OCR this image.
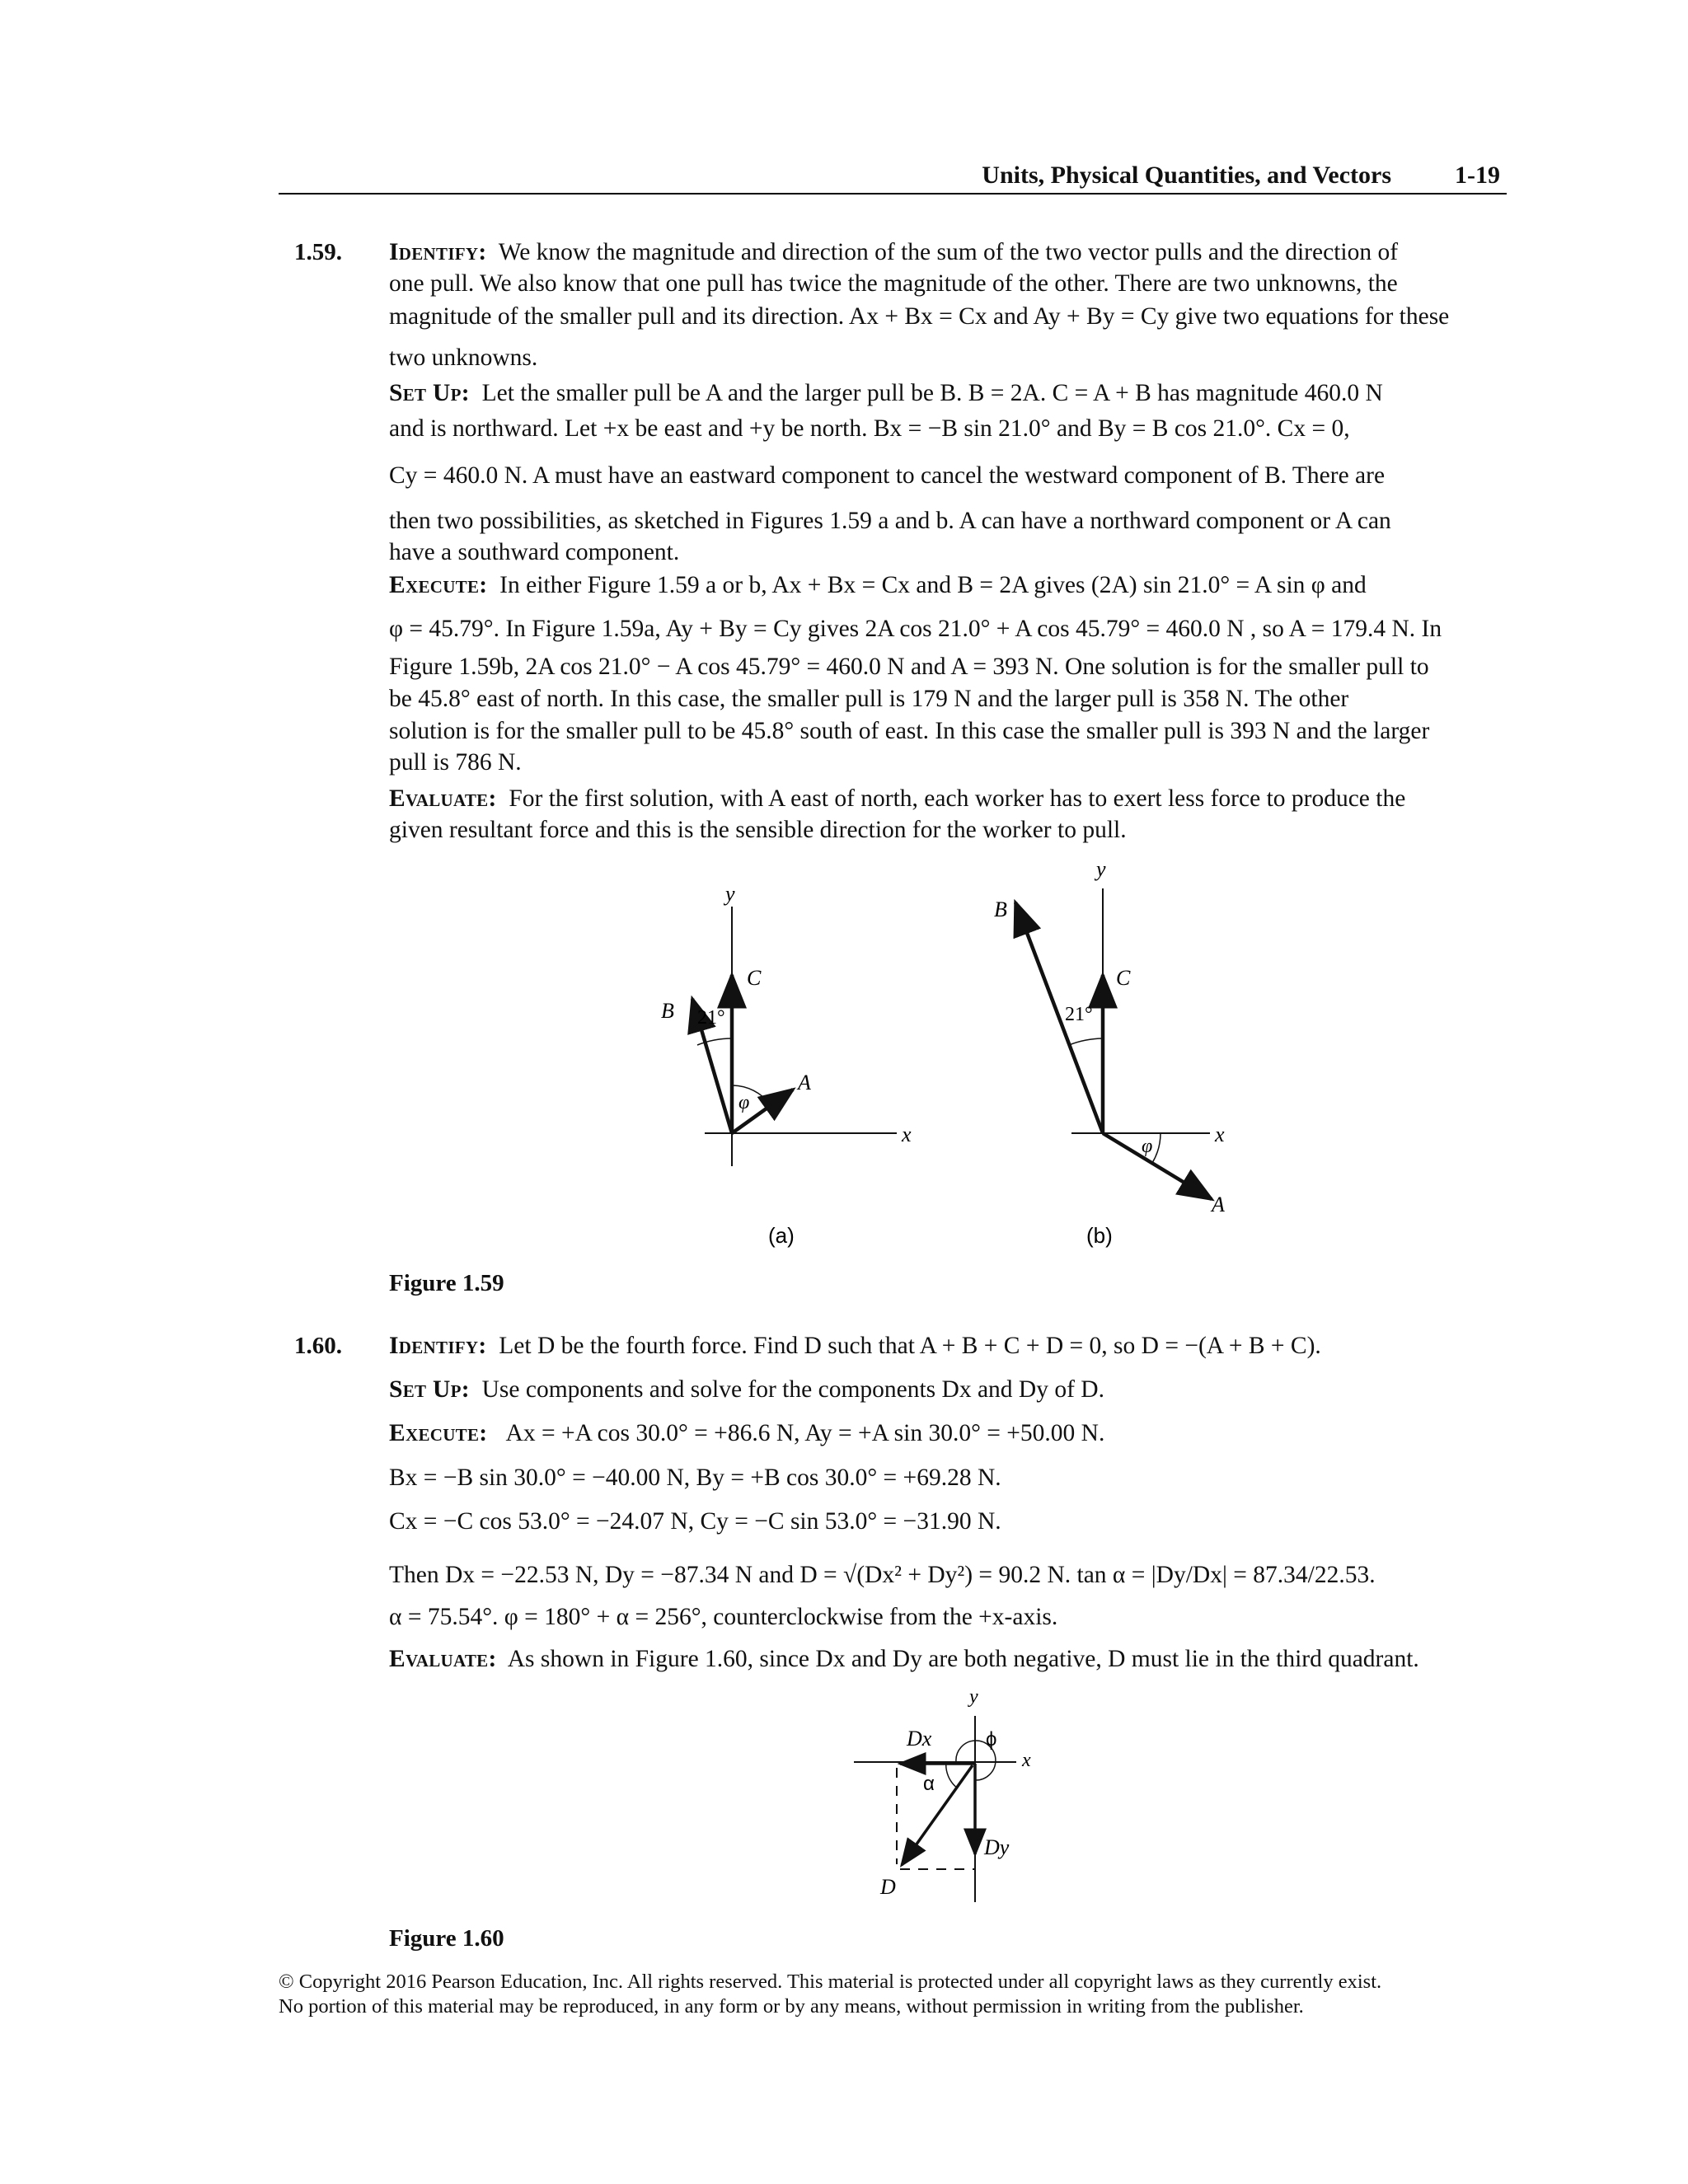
Units, Physical Quantities, and Vectors	1-19
1.59. Identify: We know the magnitude and direction of the sum of the two vector pulls and the direction of
one pull. We also know that one pull has twice the magnitude of the other. There are two unknowns, the
magnitude of the smaller pull and its direction. Ax + Bx = Cx and Ay + By = Cy give two equations for these
two unknowns.
Set Up: Let the smaller pull be A and the larger pull be B. B = 2A. C = A + B has magnitude 460.0 N
and is northward. Let +x be east and +y be north. Bx = −B sin 21.0° and By = B cos 21.0°. Cx = 0,
Cy = 460.0 N. A must have an eastward component to cancel the westward component of B. There are
then two possibilities, as sketched in Figures 1.59 a and b. A can have a northward component or A can
have a southward component.
Execute: In either Figure 1.59 a or b, Ax + Bx = Cx and B = 2A gives (2A) sin 21.0° = A sin φ and
φ = 45.79°. In Figure 1.59a, Ay + By = Cy gives 2A cos 21.0° + A cos 45.79° = 460.0 N , so A = 179.4 N. In
Figure 1.59b, 2A cos 21.0° − A cos 45.79° = 460.0 N and A = 393 N. One solution is for the smaller pull to
be 45.8° east of north. In this case, the smaller pull is 179 N and the larger pull is 358 N. The other
solution is for the smaller pull to be 45.8° south of east. In this case the smaller pull is 393 N and the larger
pull is 786 N.
Evaluate: For the first solution, with A east of north, each worker has to exert less force to produce the
given resultant force and this is the sensible direction for the worker to pull.
y
x
C
B
A
21°
φ
(a)
y
x
C
B
A
21°
φ
(b)
Figure 1.59
1.60. Identify: Let D be the fourth force. Find D such that A + B + C + D = 0, so D = −(A + B + C).
Set Up: Use components and solve for the components Dx and Dy of D.
Execute: Ax = +A cos 30.0° = +86.6 N, Ay = +A sin 30.0° = +50.00 N.
Bx = −B sin 30.0° = −40.00 N, By = +B cos 30.0° = +69.28 N.
Cx = −C cos 53.0° = −24.07 N, Cy = −C sin 53.0° = −31.90 N.
Then Dx = −22.53 N, Dy = −87.34 N and D = √(Dx² + Dy²) = 90.2 N. tan α = |Dy/Dx| = 87.34/22.53.
α = 75.54°. φ = 180° + α = 256°, counterclockwise from the +x-axis.
Evaluate: As shown in Figure 1.60, since Dx and Dy are both negative, D must lie in the third quadrant.
y
x
Dx
Dy
D
α
ϕ
Figure 1.60
© Copyright 2016 Pearson Education, Inc. All rights reserved. This material is protected under all copyright laws as they currently exist.
No portion of this material may be reproduced, in any form or by any means, without permission in writing from the publisher.
